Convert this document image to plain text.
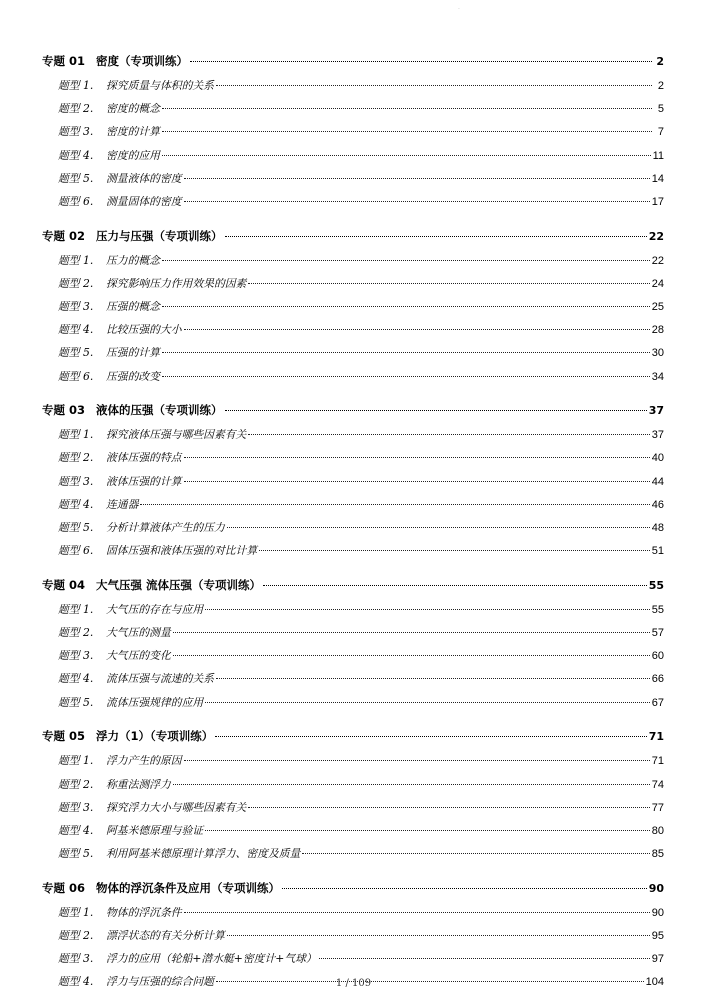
.
专题 01 密度（专项训练）	2
题型 1.	探究质量与体积的关系	2
题型 2.	密度的概念	5
题型 3.	密度的计算	7
题型 4.	密度的应用	11
题型 5.	测量液体的密度	14
题型 6.	测量固体的密度	17
专题 02 压力与压强（专项训练）	22
题型 1.	压力的概念	22
题型 2.	探究影响压力作用效果的因素	24
题型 3.	压强的概念	25
题型 4.	比较压强的大小	28
题型 5.	压强的计算	30
题型 6.	压强的改变	34
专题 03 液体的压强（专项训练）	37
题型 1.	探究液体压强与哪些因素有关	37
题型 2.	液体压强的特点	40
题型 3.	液体压强的计算	44
题型 4.	连通器	46
题型 5.	分析计算液体产生的压力	48
题型 6.	固体压强和液体压强的对比计算	51
专题 04 大气压强 流体压强（专项训练）	55
题型 1.	大气压的存在与应用	55
题型 2.	大气压的测量	57
题型 3.	大气压的变化	60
题型 4.	流体压强与流速的关系	66
题型 5.	流体压强规律的应用	67
专题 05 浮力（1）（专项训练）	71
题型 1.	浮力产生的原因	71
题型 2.	称重法测浮力	74
题型 3.	探究浮力大小与哪些因素有关	77
题型 4.	阿基米德原理与验证	80
题型 5.	利用阿基米德原理计算浮力、密度及质量	85
专题 06 物体的浮沉条件及应用（专项训练）	90
题型 1.	物体的浮沉条件	90
题型 2.	漂浮状态的有关分析计算	95
题型 3.	浮力的应用（轮船+潜水艇+密度计+气球）	97
题型 4.	浮力与压强的综合问题	104
1 / 109
